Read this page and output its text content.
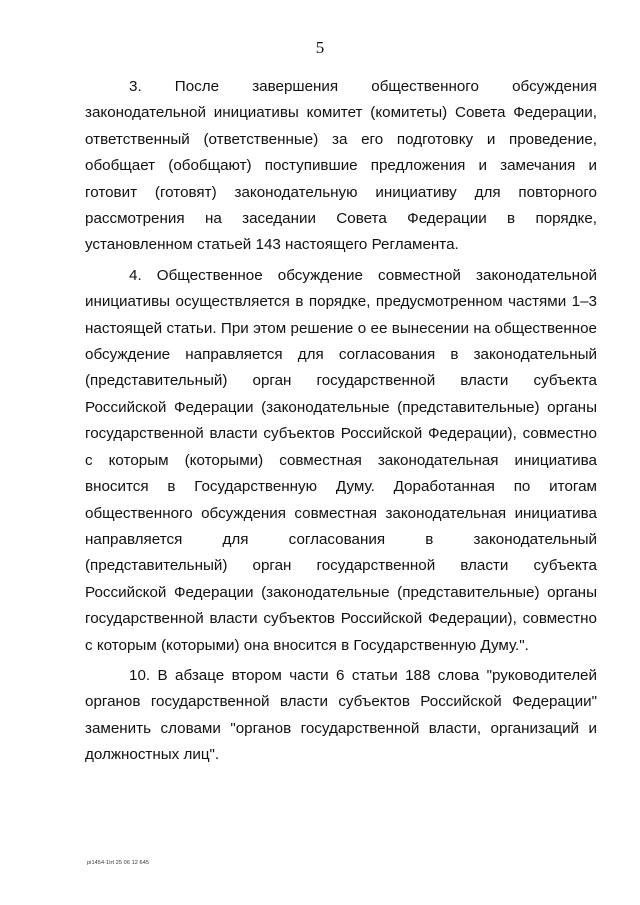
5

3. После завершения общественного обсуждения законодательной инициативы комитет (комитеты) Совета Федерации, ответственный (ответственные) за его подготовку и проведение, обобщает (обобщают) поступившие предложения и замечания и готовит (готовят) законодательную инициативу для повторного рассмотрения на заседании Совета Федерации в порядке, установленном статьей 143 настоящего Регламента.

4. Общественное обсуждение совместной законодательной инициативы осуществляется в порядке, предусмотренном частями 1–3 настоящей статьи. При этом решение о ее вынесении на общественное обсуждение направляется для согласования в законодательный (представительный) орган государственной власти субъекта Российской Федерации (законодательные (представительные) органы государственной власти субъектов Российской Федерации), совместно с которым (которыми) совместная законодательная инициатива вносится в Государственную Думу. Доработанная по итогам общественного обсуждения совместная законодательная инициатива направляется для согласования в законодательный (представительный) орган государственной власти субъекта Российской Федерации (законодательные (представительные) органы государственной власти субъектов Российской Федерации), совместно с которым (которыми) она вносится в Государственную Думу.".

10. В абзаце втором части 6 статьи 188 слова "руководителей органов государственной власти субъектов Российской Федерации" заменить словами "органов государственной власти, организаций и должностных лиц".

pi1454-1lrt 25 06 12 645
